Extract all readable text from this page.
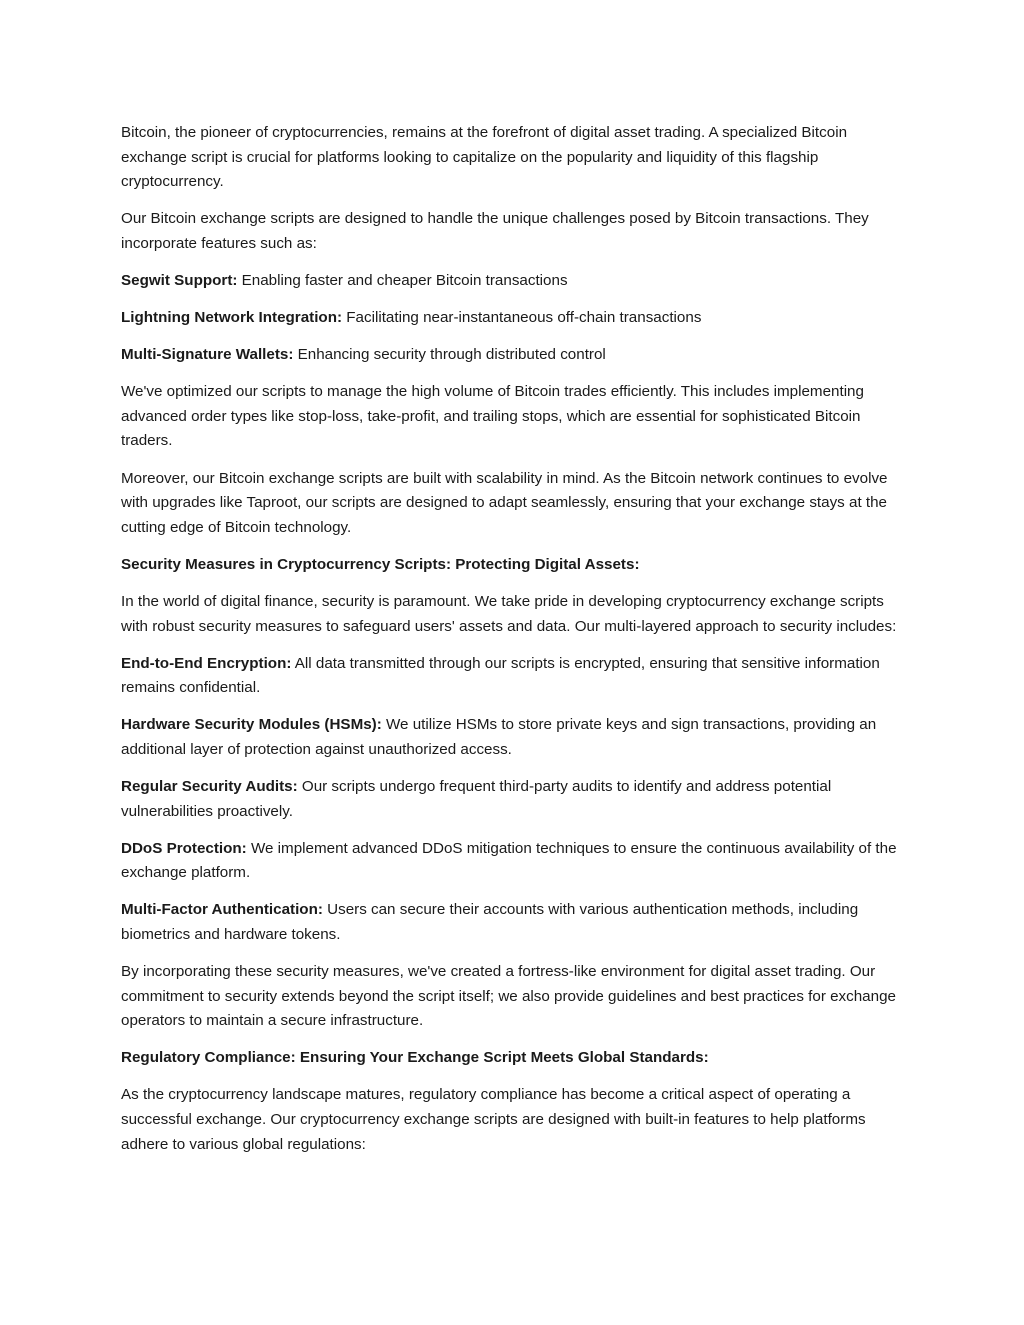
Bitcoin, the pioneer of cryptocurrencies, remains at the forefront of digital asset trading. A specialized Bitcoin exchange script is crucial for platforms looking to capitalize on the popularity and liquidity of this flagship cryptocurrency.

Our Bitcoin exchange scripts are designed to handle the unique challenges posed by Bitcoin transactions. They incorporate features such as:

Segwit Support: Enabling faster and cheaper Bitcoin transactions

Lightning Network Integration: Facilitating near-instantaneous off-chain transactions

Multi-Signature Wallets: Enhancing security through distributed control

We've optimized our scripts to manage the high volume of Bitcoin trades efficiently. This includes implementing advanced order types like stop-loss, take-profit, and trailing stops, which are essential for sophisticated Bitcoin traders.

Moreover, our Bitcoin exchange scripts are built with scalability in mind. As the Bitcoin network continues to evolve with upgrades like Taproot, our scripts are designed to adapt seamlessly, ensuring that your exchange stays at the cutting edge of Bitcoin technology.

Security Measures in Cryptocurrency Scripts: Protecting Digital Assets:

In the world of digital finance, security is paramount. We take pride in developing cryptocurrency exchange scripts with robust security measures to safeguard users' assets and data. Our multi-layered approach to security includes:

End-to-End Encryption: All data transmitted through our scripts is encrypted, ensuring that sensitive information remains confidential.

Hardware Security Modules (HSMs): We utilize HSMs to store private keys and sign transactions, providing an additional layer of protection against unauthorized access.

Regular Security Audits: Our scripts undergo frequent third-party audits to identify and address potential vulnerabilities proactively.

DDoS Protection: We implement advanced DDoS mitigation techniques to ensure the continuous availability of the exchange platform.

Multi-Factor Authentication: Users can secure their accounts with various authentication methods, including biometrics and hardware tokens.

By incorporating these security measures, we've created a fortress-like environment for digital asset trading. Our commitment to security extends beyond the script itself; we also provide guidelines and best practices for exchange operators to maintain a secure infrastructure.

Regulatory Compliance: Ensuring Your Exchange Script Meets Global Standards:

As the cryptocurrency landscape matures, regulatory compliance has become a critical aspect of operating a successful exchange. Our cryptocurrency exchange scripts are designed with built-in features to help platforms adhere to various global regulations:
